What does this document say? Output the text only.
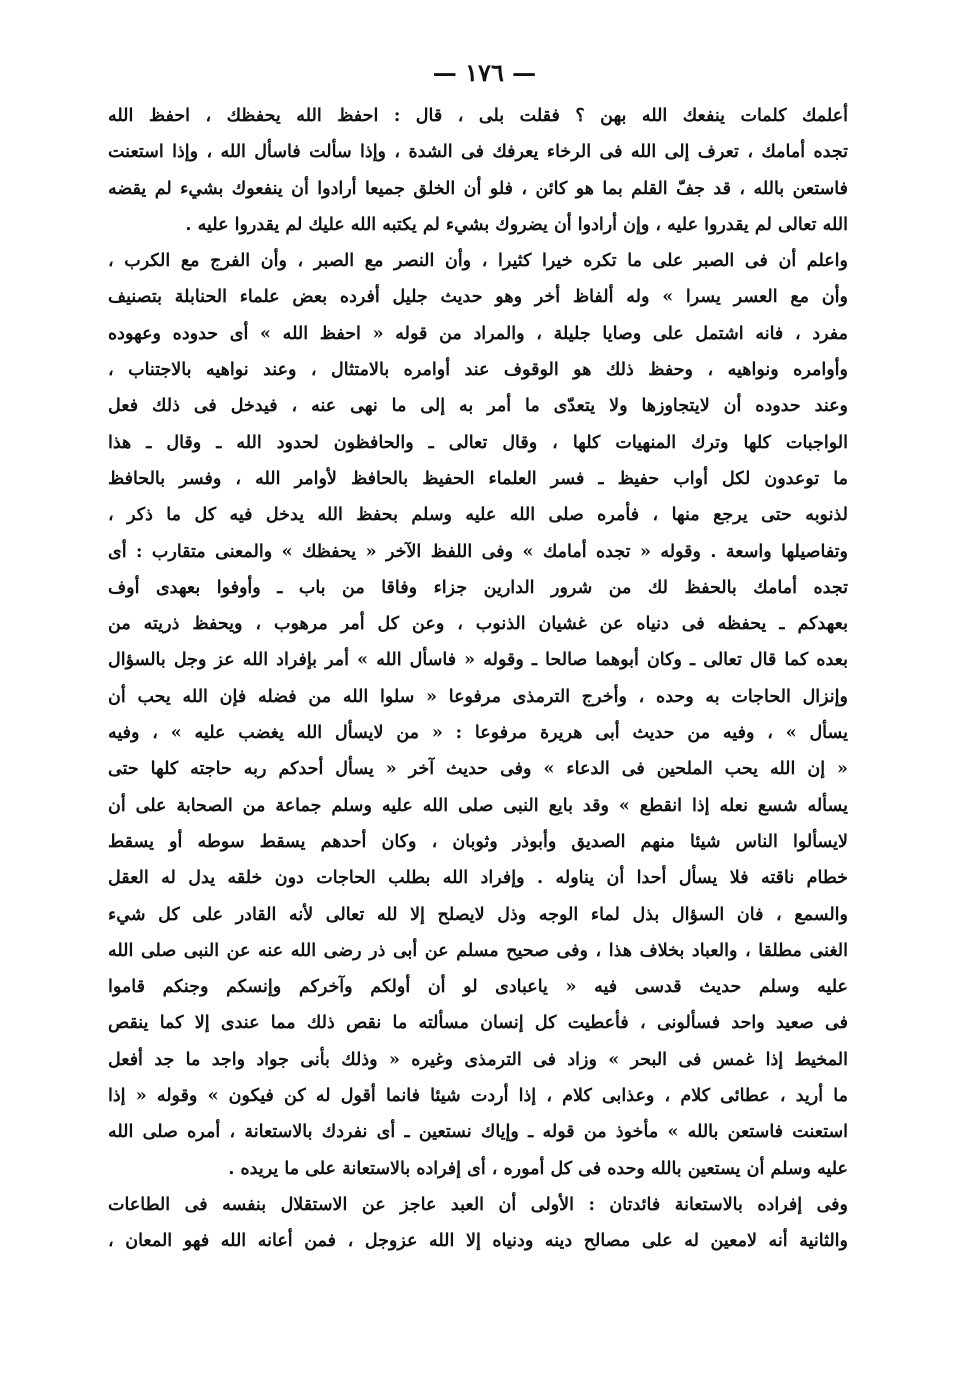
— ١٧٦ —
أعلمك كلمات ينفعك الله بهن ؟ فقلت بلى ، قال : احفظ الله يحفظك ، احفظ الله
تجده أمامك ، تعرف إلى الله فى الرخاء يعرفك فى الشدة ، وإذا سألت فاسأل الله ، وإذا استعنت
فاستعن بالله ، قد جفّ القلم بما هو كائن ، فلو أن الخلق جميعا أرادوا أن ينفعوك بشيء لم يقضه
الله تعالى لم يقدروا عليه ، وإن أرادوا أن يضروك بشيء لم يكتبه الله عليك لم يقدروا عليه .
واعلم أن فى الصبر على ما تكره خيرا كثيرا ، وأن النصر مع الصبر ، وأن الفرج مع الكرب ،
وأن مع العسر يسرا » وله ألفاظ أخر وهو حديث جليل أفرده بعض علماء الحنابلة بتصنيف
مفرد ، فانه اشتمل على وصايا جليلة ، والمراد من قوله « احفظ الله » أى حدوده وعهوده
وأوامره ونواهيه ، وحفظ ذلك هو الوقوف عند أوامره بالامتثال ، وعند نواهيه بالاجتناب ،
وعند حدوده أن لايتجاوزها ولا يتعدّى ما أمر به إلى ما نهى عنه ، فيدخل فى ذلك فعل
الواجبات كلها وترك المنهيات كلها ، وقال تعالى ـ والحافظون لحدود الله ـ وقال ـ هذا
ما توعدون لكل أواب حفيظ ـ فسر العلماء الحفيظ بالحافظ لأوامر الله ، وفسر بالحافظ
لذنوبه حتى يرجع منها ، فأمره صلى الله عليه وسلم بحفظ الله يدخل فيه كل ما ذكر ،
وتفاصيلها واسعة . وقوله « تجده أمامك » وفى اللفظ الآخر « يحفظك » والمعنى متقارب : أى
تجده أمامك بالحفظ لك من شرور الدارين جزاء وفاقا من باب ـ وأوفوا بعهدى أوف
بعهدكم ـ يحفظه فى دنياه عن غشيان الذنوب ، وعن كل أمر مرهوب ، ويحفظ ذريته من
بعده كما قال تعالى ـ وكان أبوهما صالحا ـ وقوله « فاسأل الله » أمر بإفراد الله عز وجل بالسؤال
وإنزال الحاجات به وحده ، وأخرج الترمذى مرفوعا « سلوا الله من فضله فإن الله يحب أن
يسأل » ، وفيه من حديث أبى هريرة مرفوعا : « من لايسأل الله يغضب عليه » ، وفيه
« إن الله يحب الملحين فى الدعاء » وفى حديث آخر « يسأل أحدكم ربه حاجته كلها حتى
يسأله شسع نعله إذا انقطع » وقد بايع النبى صلى الله عليه وسلم جماعة من الصحابة على أن
لايسألوا الناس شيئا منهم الصديق وأبوذر وثوبان ، وكان أحدهم يسقط سوطه أو يسقط
خطام ناقته فلا يسأل أحدا أن يناوله . وإفراد الله بطلب الحاجات دون خلقه يدل له العقل
والسمع ، فان السؤال بذل لماء الوجه وذل لايصلح إلا لله تعالى لأنه القادر على كل شيء
الغنى مطلقا ، والعباد بخلاف هذا ، وفى صحيح مسلم عن أبى ذر رضى الله عنه عن النبى صلى الله
عليه وسلم حديث قدسى فيه « ياعبادى لو أن أولكم وآخركم وإنسكم وجنكم قاموا
فى صعيد واحد فسألونى ، فأعطيت كل إنسان مسألته ما نقص ذلك مما عندى إلا كما ينقص
المخيط إذا غمس فى البحر » وزاد فى الترمذى وغيره « وذلك بأنى جواد واجد ما جد أفعل
ما أريد ، عطائى كلام ، وعذابى كلام ، إذا أردت شيئا فانما أقول له كن فيكون » وقوله « إذا
استعنت فاستعن بالله » مأخوذ من قوله ـ وإياك نستعين ـ أى نفردك بالاستعانة ، أمره صلى الله
عليه وسلم أن يستعين بالله وحده فى كل أموره ، أى إفراده بالاستعانة على ما يريده .
وفى إفراده بالاستعانة فائدتان : الأولى أن العبد عاجز عن الاستقلال بنفسه فى الطاعات
والثانية أنه لامعين له على مصالح دينه ودنياه إلا الله عزوجل ، فمن أعانه الله فهو المعان ،
